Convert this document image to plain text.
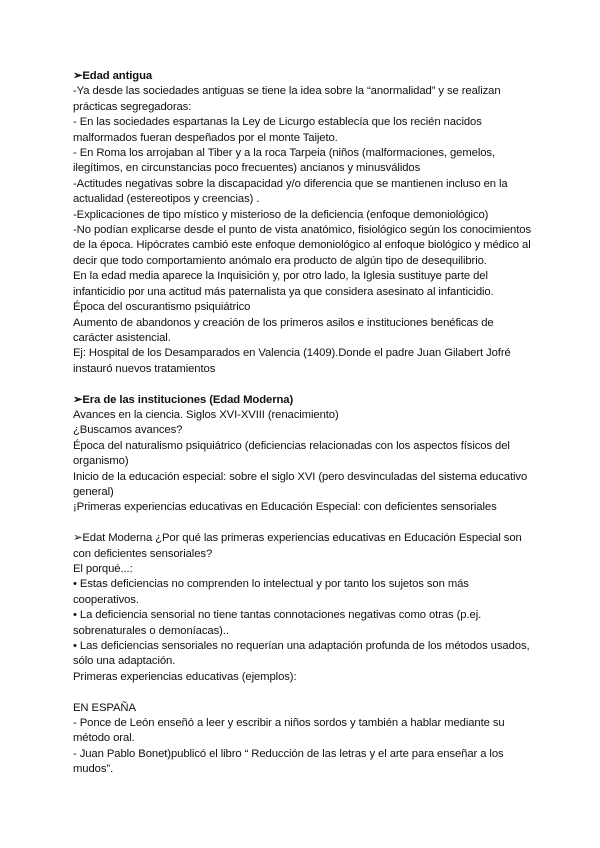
➢Edad antigua
-Ya desde las sociedades antiguas se tiene la idea sobre la “anormalidad” y se realizan prácticas segregadoras:
- En las sociedades espartanas la Ley de Licurgo establecía que los recién nacidos malformados fueran despeñados por el monte Taijeto.
- En Roma los arrojaban al Tiber y a la roca Tarpeia (niños (malformaciones, gemelos, ilegítimos, en circunstancias poco frecuentes) ancianos y minusválidos
-Actitudes negativas sobre la discapacidad y/o diferencia que se mantienen incluso en la actualidad (estereotipos y creencias) .
-Explicaciones de tipo místico y misterioso de la deficiencia (enfoque demoniológico)
-No podían explicarse desde el punto de vista anatómico, fisiológico según los conocimientos de la época. Hipócrates cambió este enfoque demoniológico al enfoque biológico y médico al decir que todo comportamiento anómalo era producto de algún tipo de desequilibrio.
En la edad media aparece la Inquisición y, por otro lado, la Iglesia sustituye parte del infanticidio por una actitud más paternalista ya que considera asesinato al infanticidio.
Época del oscurantismo psiquiátrico
Aumento de abandonos y creación de los primeros asilos e instituciones benéficas de carácter asistencial.
Ej: Hospital de los Desamparados en Valencia (1409).Donde el padre Juan Gilabert Jofré instauró nuevos tratamientos
➢Era de las instituciones (Edad Moderna)
Avances en la ciencia. Siglos XVI-XVIII (renacimiento)
¿Buscamos avances?
Época del naturalismo psiquiátrico (deficiencias relacionadas con los aspectos físicos del organismo)
Inicio de la educación especial: sobre el siglo XVI (pero desvinculadas del sistema educativo general)
¡Primeras experiencias educativas en Educación Especial: con deficientes sensoriales
➢Edat Moderna ¿Por qué las primeras experiencias educativas en Educación Especial son con deficientes sensoriales?
El porqué...:
• Estas deficiencias no comprenden lo intelectual y por tanto los sujetos son más cooperativos.
• La deficiencia sensorial no tiene tantas connotaciones negativas como otras (p.ej. sobrenaturales o demoníacas)..
• Las deficiencias sensoriales no requerían una adaptación profunda de los métodos usados, sólo una adaptación.
Primeras experiencias educativas (ejemplos):
EN ESPAÑA
- Ponce de León enseñó a leer y escribir a niños sordos y también a hablar mediante su método oral.
- Juan Pablo Bonet)publicó el libro “ Reducción de las letras y el arte para enseñar a los mudos”.
